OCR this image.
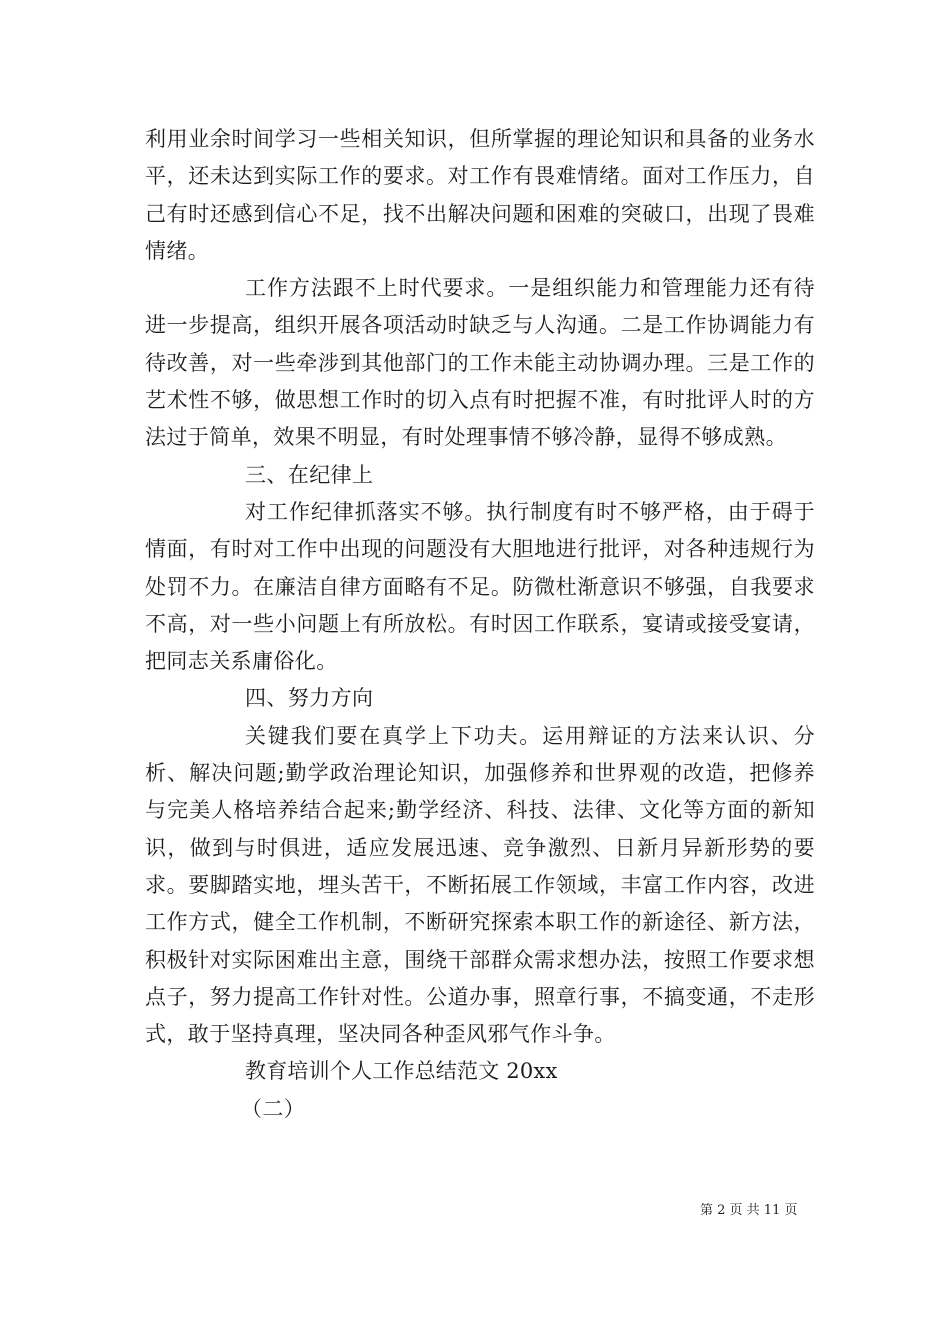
利用业余时间学习一些相关知识，但所掌握的理论知识和具备的业务水平，还未达到实际工作的要求。对工作有畏难情绪。面对工作压力，自己有时还感到信心不足，找不出解决问题和困难的突破口，出现了畏难情绪。

工作方法跟不上时代要求。一是组织能力和管理能力还有待进一步提高，组织开展各项活动时缺乏与人沟通。二是工作协调能力有待改善，对一些牵涉到其他部门的工作未能主动协调办理。三是工作的艺术性不够，做思想工作时的切入点有时把握不准，有时批评人时的方法过于简单，效果不明显，有时处理事情不够冷静，显得不够成熟。

三、在纪律上

对工作纪律抓落实不够。执行制度有时不够严格，由于碍于情面，有时对工作中出现的问题没有大胆地进行批评，对各种违规行为处罚不力。在廉洁自律方面略有不足。防微杜渐意识不够强，自我要求不高，对一些小问题上有所放松。有时因工作联系，宴请或接受宴请，把同志关系庸俗化。

四、努力方向

关键我们要在真学上下功夫。运用辩证的方法来认识、分析、解决问题;勤学政治理论知识，加强修养和世界观的改造，把修养与完美人格培养结合起来;勤学经济、科技、法律、文化等方面的新知识，做到与时俱进，适应发展迅速、竞争激烈、日新月异新形势的要求。要脚踏实地，埋头苦干，不断拓展工作领域，丰富工作内容，改进工作方式，健全工作机制，不断研究探索本职工作的新途径、新方法，积极针对实际困难出主意，围绕干部群众需求想办法，按照工作要求想点子，努力提高工作针对性。公道办事，照章行事，不搞变通，不走形式，敢于坚持真理，坚决同各种歪风邪气作斗争。

教育培训个人工作总结范文 20xx

（二）

第 2 页 共 11 页
